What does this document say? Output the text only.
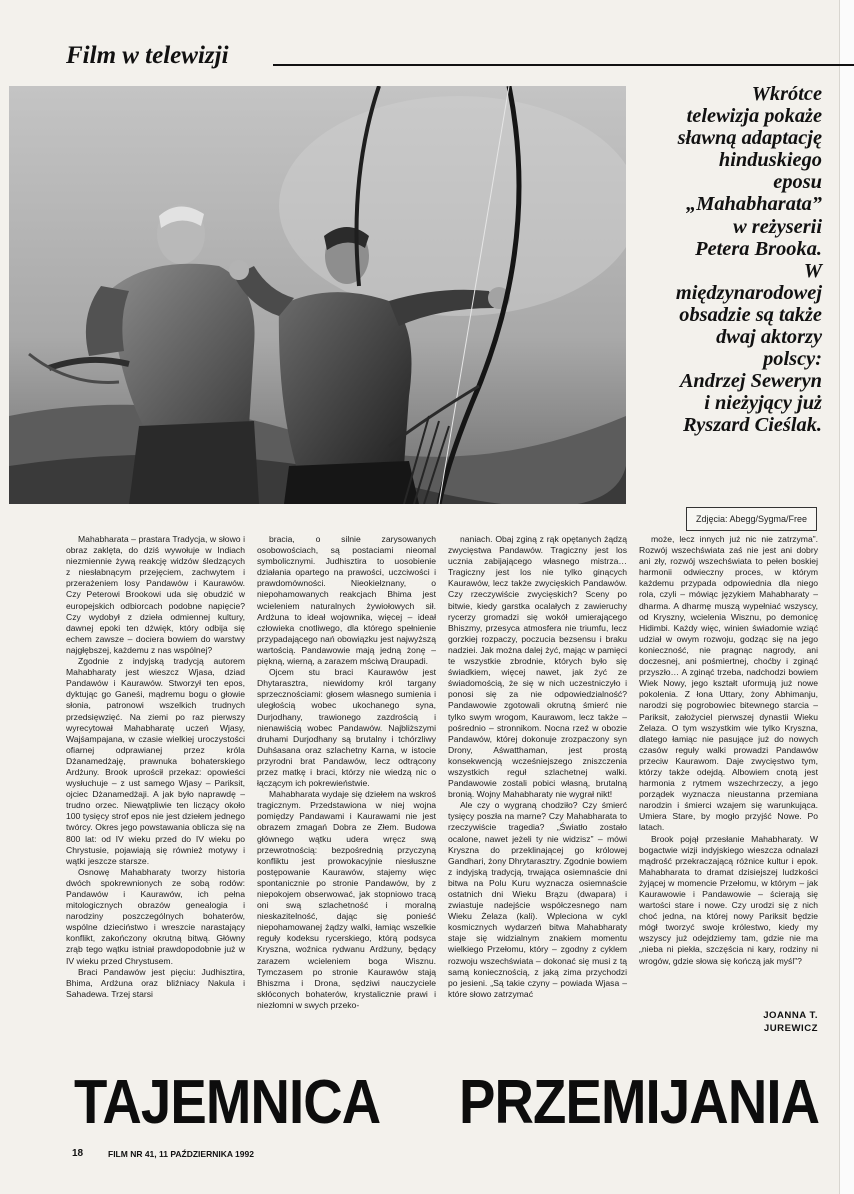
Film w telewizji

Wkrótce

telewizja pokaże

sławną adaptację

hinduskiego

eposu

„Mahabharata”

w reżyserii

Petera Brooka.

W

międzynarodowej

obsadzie są także

dwaj aktorzy

polscy:

Andrzej Seweryn

i nieżyjący już

Ryszard Cieślak.

Zdjęcia: Abegg/Sygma/Free

Mahabharata – prastara Tradycja, w słowo i obraz zaklęta, do dziś wywołuje w Indiach niezmiennie żywą reakcję widzów śledzących z niesłabnącym przejęciem, zachwytem i przerażeniem losy Pandawów i Kaurawów. Czy Peterowi Brookowi uda się obudzić w europejskich odbiorcach podobne napięcie? Czy wydobył z dzieła odmiennej kultury, dawnej epoki ten dźwięk, który odbija się echem zawsze – dociera bowiem do warstwy najgłębszej, każdemu z nas wspólnej?

Zgodnie z indyjską tradycją autorem Mahabharaty jest wieszcz Wjasa, dziad Pandawów i Kaurawów. Stworzył ten epos, dyktując go Ganeśi, mądremu bogu o głowie słonia, patronowi wszelkich trudnych przedsięwzięć. Na ziemi po raz pierwszy wyrecytował Mahabharatę uczeń Wjasy, Wajśampajana, w czasie wielkiej uroczystości ofiarnej odprawianej przez króla Dżanamedżaję, prawnuka bohaterskiego Ardżuny. Brook uprościł przekaz: opowieści wysłuchuje – z ust samego Wjasy – Pariksit, ojciec Dżanamedżaji. A jak było naprawdę – trudno orzec. Niewątpliwie ten liczący około 100 tysięcy strof epos nie jest dziełem jednego twórcy. Okres jego powstawania oblicza się na 800 lat: od IV wieku przed do IV wieku po Chrystusie, pojawiają się również motywy i wątki jeszcze starsze.

Osnowę Mahabharaty tworzy historia dwóch spokrewnionych ze sobą rodów: Pandawów i Kaurawów, ich pełna mitologicznych obrazów genealogia i narodziny poszczególnych bohaterów, wspólne dzieciństwo i wreszcie narastający konflikt, zakończony okrutną bitwą. Główny zrąb tego wątku istniał prawdopodobnie już w IV wieku przed Chrystusem.

Braci Pandawów jest pięciu: Judhisztira, Bhima, Ardżuna oraz bliźniacy Nakula i Sahadewa. Trzej starsi

bracia, o silnie zarysowanych osobowościach, są postaciami nieomal symbolicznymi. Judhisztira to uosobienie działania opartego na prawości, uczciwości i prawdomówności. Nieokiełznany, o niepohamowanych reakcjach Bhima jest wcieleniem naturalnych żywiołowych sił. Ardżuna to ideał wojownika, więcej – ideał człowieka cnotliwego, dla którego spełnienie przypadającego nań obowiązku jest najwyższą wartością. Pandawowie mają jedną żonę – piękną, wierną, a zarazem mściwą Draupadi.

Ojcem stu braci Kaurawów jest Dhytarasztra, niewidomy król targany sprzecznościami: głosem własnego sumienia i uległością wobec ukochanego syna, Durjodhany, trawionego zazdrością i nienawiścią wobec Pandawów. Najbliższymi druhami Durjodhany są brutalny i tchórzliwy Duhśasana oraz szlachetny Karna, w istocie przyrodni brat Pandawów, lecz odtrącony przez matkę i braci, którzy nie wiedzą nic o łączącym ich pokrewieństwie.

Mahabharata wydaje się dziełem na wskroś tragicznym. Przedstawiona w niej wojna pomiędzy Pandawami i Kaurawami nie jest obrazem zmagań Dobra ze Złem. Budowa głównego wątku udera wręcz swą przewrotnością: bezpośrednią przyczyną konfliktu jest prowokacyjnie niesłuszne postępowanie Kaurawów, stajemy więc spontanicznie po stronie Pandawów, by z niepokojem obserwować, jak stopniowo tracą oni swą szlachetność i moralną nieskazitelność, dając się ponieść niepohamowanej żądzy walki, łamiąc wszelkie reguły kodeksu rycerskiego, którą podsyca Kryszna, woźnica rydwanu Ardżuny, będący zarazem wcieleniem boga Wisznu. Tymczasem po stronie Kaurawów stają Bhiszma i Drona, sędziwi nauczyciele skłóconych bohaterów, krystalicznie prawi i niezłomni w swych przeko-

naniach. Obaj zginą z rąk opętanych żądzą zwycięstwa Pandawów. Tragiczny jest los ucznia zabijającego własnego mistrza… Tragiczny jest los nie tylko ginących Kaurawów, lecz także zwycięskich Pandawów. Czy rzeczywiście zwycięskich? Sceny po bitwie, kiedy garstka ocalałych z zawieruchy rycerzy gromadzi się wokół umierającego Bhiszmy, przesyca atmosfera nie triumfu, lecz gorzkiej rozpaczy, poczucia bezsensu i braku nadziei. Jak można dalej żyć, mając w pamięci te wszystkie zbrodnie, których było się świadkiem, więcej nawet, jak żyć ze świadomością, że się w nich uczestniczyło i ponosi się za nie odpowiedzialność? Pandawowie zgotowali okrutną śmierć nie tylko swym wrogom, Kaurawom, lecz także – pośrednio – stronnikom. Nocna rzeź w obozie Pandawów, której dokonuje zrozpaczony syn Drony, Aśwatthaman, jest prostą konsekwencją wcześniejszego zniszczenia wszystkich reguł szlachetnej walki. Pandawowie zostali pobici własną, brutalną bronią. Wojny Mahabharaty nie wygrał nikt!

Ale czy o wygraną chodziło? Czy śmierć tysięcy poszła na marne? Czy Mahabharata to rzeczywiście tragedia? „Światło zostało ocalone, nawet jeżeli ty nie widzisz” – mówi Kryszna do przeklinającej go królowej Gandhari, żony Dhrytarasztry. Zgodnie bowiem z indyjską tradycją, trwająca osiemnaście dni bitwa na Polu Kuru wyznacza osiemnaście ostatnich dni Wieku Brązu (dwapara) i zwiastuje nadejście współczesnego nam Wieku Żelaza (kali). Wpleciona w cykl kosmicznych wydarzeń bitwa Mahabharaty staje się widzialnym znakiem momentu wielkiego Przełomu, który – zgodny z cyklem rozwoju wszechświata – dokonać się musi z tą samą koniecznością, z jaką zima przychodzi po jesieni. „Są takie czyny – powiada Wjasa – które słowo zatrzymać

może, lecz innych już nic nie zatrzyma”. Rozwój wszechświata zaś nie jest ani dobry ani zły, rozwój wszechświata to pełen boskiej harmonii odwieczny proces, w którym każdemu przypada odpowiednia dla niego rola, czyli – mówiąc językiem Mahabharaty – dharma. A dharmę muszą wypełniać wszyscy, od Kryszny, wcielenia Wisznu, po demonicę Hidimbi. Każdy więc, winien świadomie wziąć udział w owym rozwoju, godząc się na jego konieczność, nie pragnąc nagrody, ani doczesnej, ani pośmiertnej, choćby i zginąć przyszło… A zginąć trzeba, nadchodzi bowiem Wiek Nowy, jego kształt uformują już nowe pokolenia. Z łona Uttary, żony Abhimanju, narodzi się pogrobowiec bitewnego starcia – Pariksit, założyciel pierwszej dynastii Wieku Żelaza. O tym wszystkim wie tylko Kryszna, dlatego łamiąc nie pasujące już do nowych czasów reguły walki prowadzi Pandawów przeciw Kaurawom. Daje zwycięstwo tym, którzy także odejdą. Albowiem cnotą jest harmonia z rytmem wszechrzeczy, a jego porządek wyznacza nieustanna przemiana narodzin i śmierci wzajem się warunkująca. Umiera Stare, by mogło przyjść Nowe. Po latach.

Brook pojął przesłanie Mahabharaty. W bogactwie wizji indyjskiego wieszcza odnalazł mądrość przekraczającą różnice kultur i epok. Mahabharata to dramat dzisiejszej ludzkości żyjącej w momencie Przełomu, w którym – jak Kaurawowie i Pandawowie – ścierają się wartości stare i nowe. Czy urodzi się z nich choć jedna, na której nowy Pariksit będzie mógł tworzyć swoje królestwo, kiedy my wszyscy już odejdziemy tam, gdzie nie ma „nieba ni piekła, szczęścia ni kary, rodziny ni wrogów, gdzie słowa się kończą jak myśl”?

JOANNA T.
JUREWICZ
TAJEMNICA PRZEMIJANIA
18	FILM NR 41, 11 PAŹDZIERNIKA 1992
